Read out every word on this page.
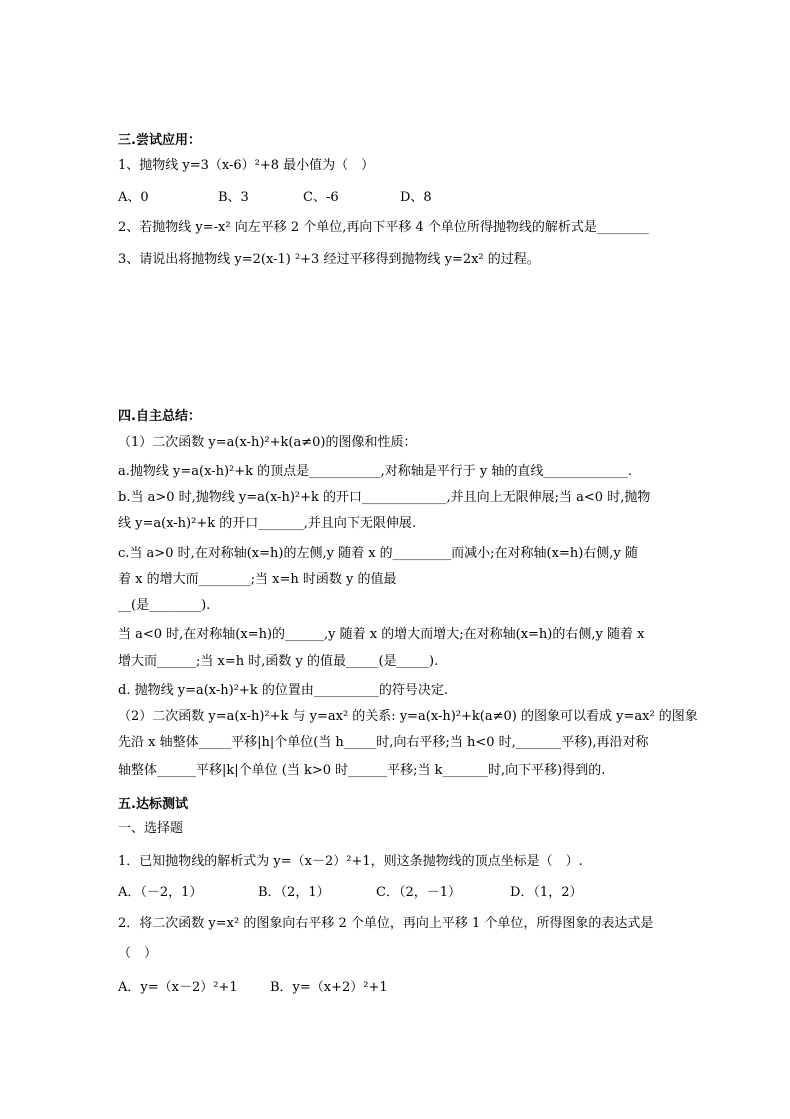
三.尝试应用：
1、抛物线 y=3（x-6）²+8 最小值为（　）
A、0	B、3	C、-6	D、8
2、若抛物线 y=-x² 向左平移 2 个单位,再向下平移 4 个单位所得抛物线的解析式是________
3、请说出将抛物线 y=2(x-1) ²+3 经过平移得到抛物线 y=2x² 的过程。
四.自主总结：
（1）二次函数 y=a(x-h)²+k(a≠0)的图像和性质：
a.抛物线 y=a(x-h)²+k 的顶点是___________,对称轴是平行于 y 轴的直线_____________.
b.当 a>0 时,抛物线 y=a(x-h)²+k 的开口_____________,并且向上无限伸展;当 a<0 时,抛物
线 y=a(x-h)²+k 的开口_______,并且向下无限伸展.
c.当 a>0 时,在对称轴(x=h)的左侧,y 随着 x 的_________而减小;在对称轴(x=h)右侧,y 随
着 x 的增大而________;当 x=h 时函数 y 的值最
__(是________).
当 a<0 时,在对称轴(x=h)的______,y 随着 x 的增大而增大;在对称轴(x=h)的右侧,y 随着 x
增大而______;当 x=h 时,函数 y 的值最_____(是_____).
d. 抛物线 y=a(x-h)²+k 的位置由__________的符号决定.
（2）二次函数 y=a(x-h)²+k 与 y=ax² 的关系: y=a(x-h)²+k(a≠0) 的图象可以看成 y=ax² 的图象
先沿 x 轴整体_____平移|h|个单位(当 h_____时,向右平移;当 h<0 时,_______平移),再沿对称
轴整体______平移|k|个单位 (当 k>0 时______平移;当 k_______时,向下平移)得到的.
五.达标测试
一、选择题
1．已知抛物线的解析式为 y=（x－2）²+1，则这条抛物线的顶点坐标是（　）.
A．（－2，1）	B．（2，1）	C．（2，－1）	D．（1，2）
2．将二次函数 y=x² 的图象向右平移 2 个单位，再向上平移 1 个单位，所得图象的表达式是
（　）
A．y=（x－2）²+1 B．y=（x+2）²+1
